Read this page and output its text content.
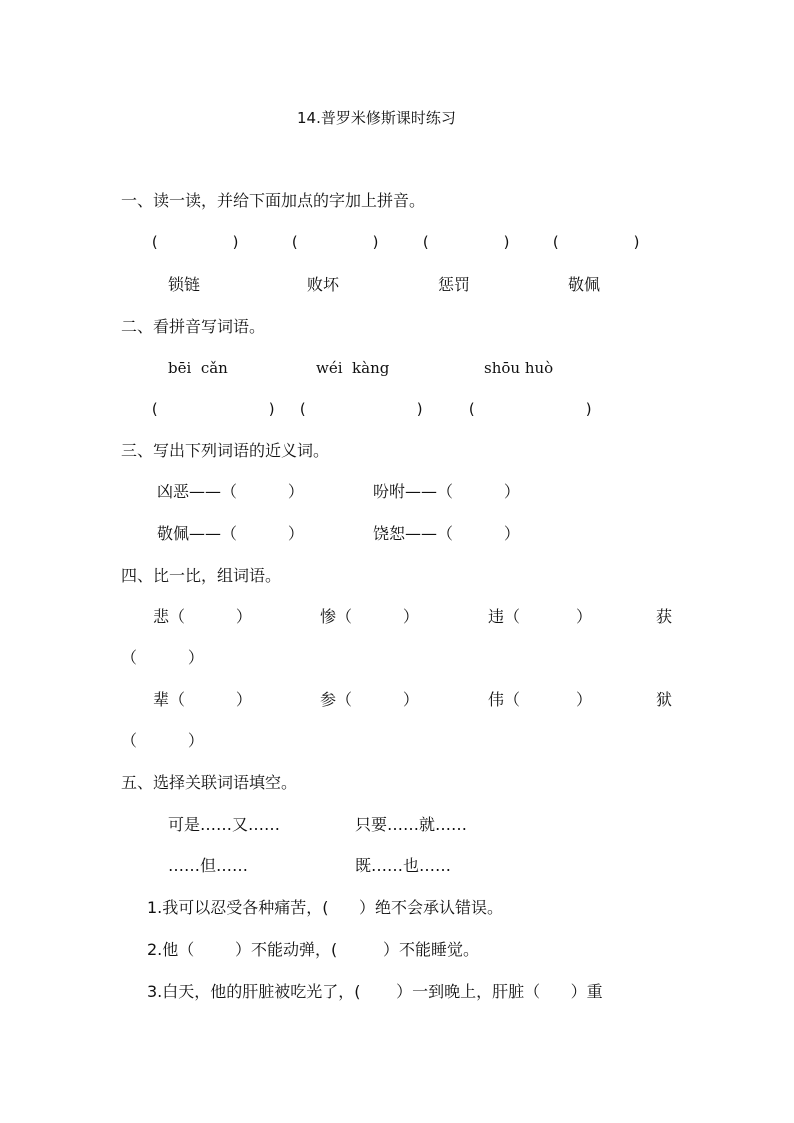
14.普罗米修斯课时练习
一、读一读，并给下面加点的字加上拼音。
(        )	(        )	(        )	(        )
锁链	败坏	惩罚	敬佩
二、看拼音写词语。
bēi  cǎn	wéi  kàng	shōu huò
(            ) (            )	(            )
三、写出下列词语的近义词。
凶恶——（          ）	吩咐——（          ）
敬佩——（          ）	饶恕——（          ）
四、比一比，组词语。
悲（          ）	惨（          ）	违（           ）	获
（          ）
辈（          ）	参（          ）	伟（           ）	狱
（          ）
五、选择关联词语填空。
可是……又……	只要……就……
……但……	既……也……
1.我可以忍受各种痛苦，(      ）绝不会承认错误。
2.他（        ）不能动弹，(         ）不能睡觉。
3.白天，他的肝脏被吃光了，(       ）一到晚上，肝脏（      ）重
